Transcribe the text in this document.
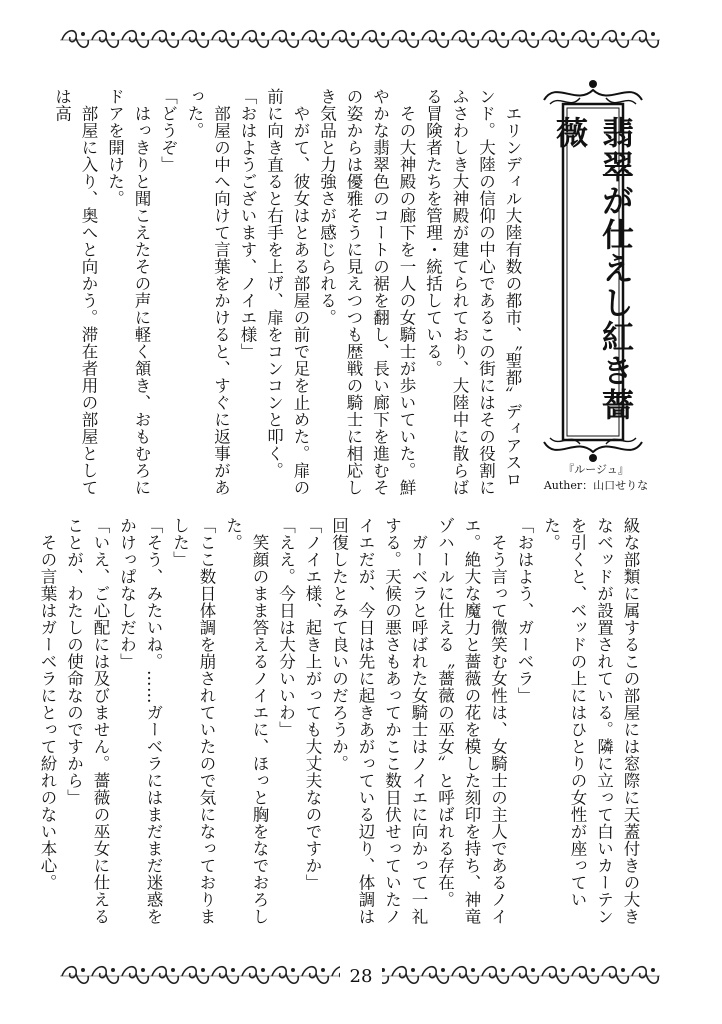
翡翠が仕えし紅き薔薇
『ルージュ』
Auther：山口せりな

エリンディル大陸有数の都市、〝聖都〟ディアスロンド。大陸の信仰の中心であるこの街にはその役割にふさわしき大神殿が建てられており、大陸中に散らばる冒険者たちを管理・統括している。

その大神殿の廊下を一人の女騎士が歩いていた。鮮やかな翡翠色のコートの裾を翻し、長い廊下を進むその姿からは優雅そうに見えつつも歴戦の騎士に相応しき気品と力強さが感じられる。

やがて、彼女はとある部屋の前で足を止めた。扉の前に向き直ると右手を上げ、扉をコンコンと叩く。

「おはようございます、ノイエ様」

部屋の中へ向けて言葉をかけると、すぐに返事があった。

「どうぞ」

はっきりと聞こえたその声に軽く頷き、おもむろにドアを開けた。

部屋に入り、奥へと向かう。滞在者用の部屋としては高

級な部類に属するこの部屋には窓際に天蓋付きの大きなベッドが設置されている。隣に立って白いカーテンを引くと、ベッドの上にはひとりの女性が座っていた。

「おはよう、ガーベラ」

そう言って微笑む女性は、女騎士の主人であるノイエ。絶大な魔力と薔薇の花を模した刻印を持ち、神竜ゾハールに仕える〝薔薇の巫女〟と呼ばれる存在。

ガーベラと呼ばれた女騎士はノイエに向かって一礼する。天候の悪さもあってかここ数日伏せっていたノイエだが、今日は先に起きあがっている辺り、体調は回復したとみて良いのだろうか。

「ノイエ様、起き上がっても大丈夫なのですか」

「ええ。今日は大分いいわ」

笑顔のまま答えるノイエに、ほっと胸をなでおろした。

「ここ数日体調を崩されていたので気になっておりました」

「そう、みたいね。……ガーベラにはまだまだ迷惑をかけっぱなしだわ」

「いえ、ご心配には及びません。薔薇の巫女に仕えることが、わたしの使命なのですから」

その言葉はガーベラにとって紛れのない本心。

28
